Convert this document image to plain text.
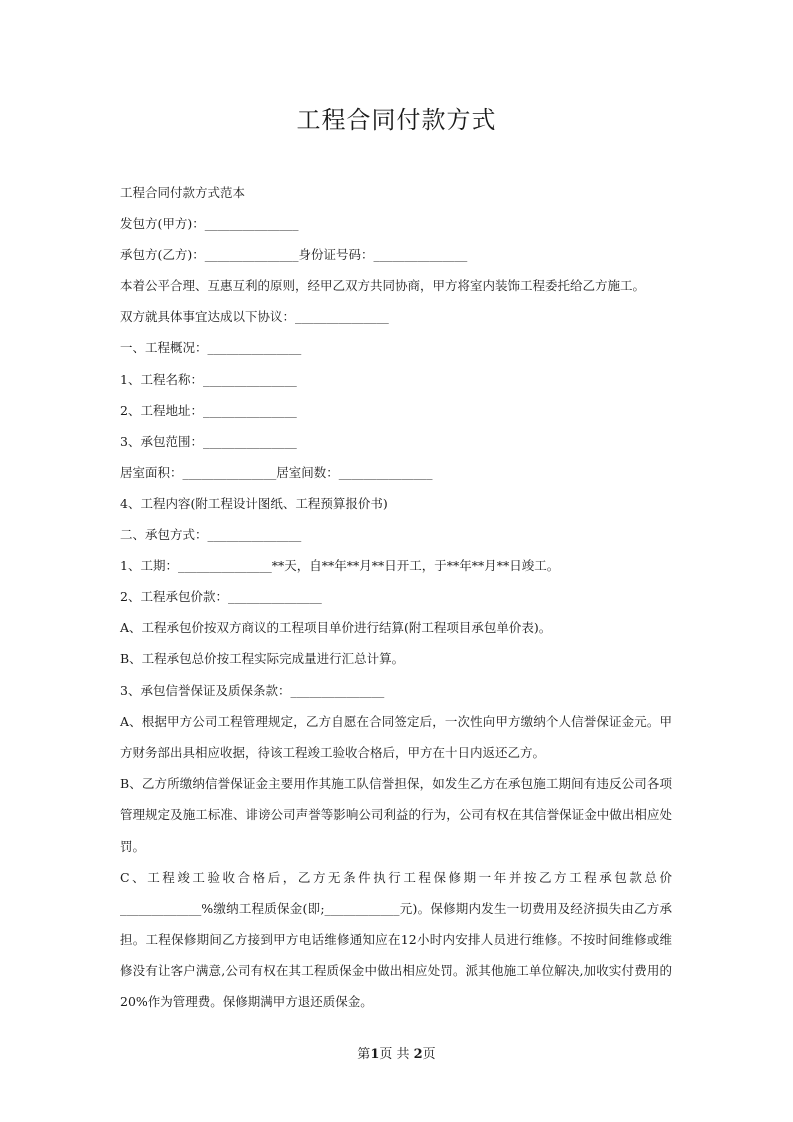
工程合同付款方式
工程合同付款方式范本
发包方(甲方)：_______________
承包方(乙方)：_______________身份证号码：_______________
本着公平合理、互惠互利的原则，经甲乙双方共同协商，甲方将室内装饰工程委托给乙方施工。
双方就具体事宜达成以下协议：_______________
一、工程概况：_______________
1、工程名称：_______________
2、工程地址：_______________
3、承包范围：_______________
居室面积：_______________居室间数：_______________
4、工程内容(附工程设计图纸、工程预算报价书)
二、承包方式：_______________
1、工期：_______________**天，自**年**月**日开工，于**年**月**日竣工。
2、工程承包价款：_______________
A、工程承包价按双方商议的工程项目单价进行结算(附工程项目承包单价表)。
B、工程承包总价按工程实际完成量进行汇总计算。
3、承包信誉保证及质保条款：_______________
A、根据甲方公司工程管理规定，乙方自愿在合同签定后，一次性向甲方缴纳个人信誉保证金元。甲方财务部出具相应收据，待该工程竣工验收合格后，甲方在十日内返还乙方。
B、乙方所缴纳信誉保证金主要用作其施工队信誉担保，如发生乙方在承包施工期间有违反公司各项管理规定及施工标准、诽谤公司声誉等影响公司利益的行为，公司有权在其信誉保证金中做出相应处罚。
C、工程竣工验收合格后，乙方无条件执行工程保修期一年并按乙方工程承包款总价_____________%缴纳工程质保金(即;____________元)。保修期内发生一切费用及经济损失由乙方承担。工程保修期间乙方接到甲方电话维修通知应在12小时内安排人员进行维修。不按时间维修或维修没有让客户满意,公司有权在其工程质保金中做出相应处罚。派其他施工单位解决,加收实付费用的20%作为管理费。保修期满甲方退还质保金。
第1页 共 2页
